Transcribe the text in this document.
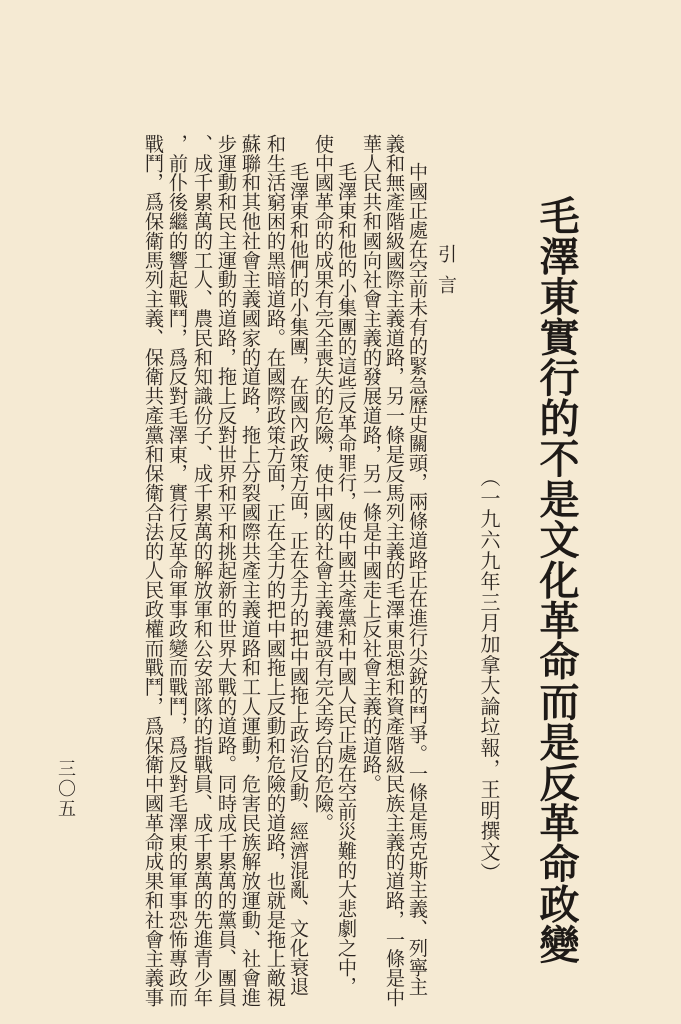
毛澤東實行的不是文化革命而是反革命政變
（一九六九年三月加拿大論垃報，王明撰文）
引言
中國正處在空前未有的緊急歷史關頭，兩條道路正在進行尖銳的鬥爭。一條是馬克斯主義、列寧主
義和無產階級國際主義道路，另一條是反馬列主義的毛澤東思想和資產階級民族主義的道路，一條是中
華人民共和國向社會主義的發展道路，另一條是中國走上反社會主義的道路。
毛澤東和他的小集團的這些反革命罪行，使中國共產黨和中國人民正處在空前災難的大悲劇之中，
使中國革命的成果有完全喪失的危險，使中國的社會主義建設有完全垮台的危險。
毛澤東和他們的小集團，在國內政策方面，正在全力的把中國拖上政治反動、經濟混亂、文化衰退
和生活窮困的黑暗道路。在國際政策方面，正在全力的把中國拖上反動和危險的道路，也就是拖上敵視
蘇聯和其他社會主義國家的道路，拖上分裂國際共產主義道路和工人運動，危害民族解放運動、社會進
步運動和民主運動的道路，拖上反對世界和平和挑起新的世界大戰的道路。同時成千累萬的黨員、團員
、成千累萬的工人、農民和知識份子、成千累萬的解放軍和公安部隊的指戰員、成千累萬的先進青少年
，前仆後繼的響起戰鬥，爲反對毛澤東，實行反革命軍事政變而戰鬥，爲反對毛澤東的軍事恐怖專政而
戰鬥，爲保衛馬列主義、保衛共產黨和保衛合法的人民政權而戰鬥，爲保衛中國革命成果和社會主義事
三〇五
